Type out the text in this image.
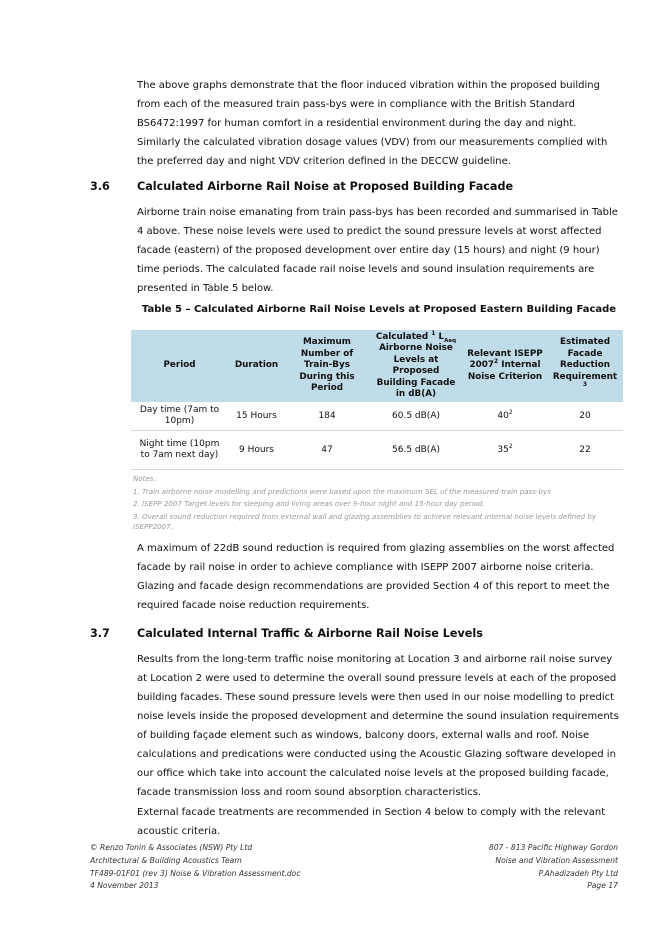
The above graphs demonstrate that the floor induced vibration within the proposed building from each of the measured train pass-bys were in compliance with the British Standard BS6472:1997 for human comfort in a residential environment during the day and night. Similarly the calculated vibration dosage values (VDV) from our measurements complied with the preferred day and night VDV criterion defined in the DECCW guideline.

3.6 Calculated Airborne Rail Noise at Proposed Building Facade

Airborne train noise emanating from train pass-bys has been recorded and summarised in Table 4 above. These noise levels were used to predict the sound pressure levels at worst affected facade (eastern) of the proposed development over entire day (15 hours) and night (9 hour) time periods. The calculated facade rail noise levels and sound insulation requirements are presented in Table 5 below.

Table 5 – Calculated Airborne Rail Noise Levels at Proposed Eastern Building Facade
Period	Duration	Maximum Number of Train-Bys During this Period	Calculated $^1$ $L_{Aeq}$ Airborne Noise Levels at Proposed Building Facade in dB(A)	Relevant ISEPP 2007$^2$ Internal Noise Criterion	Estimated Facade Reduction Requirement $^3$
Day time (7am to 10pm)	15 Hours	184	60.5 dB(A)	$40^2$	20
Night time (10pm to 7am next day)	9 Hours	47	56.5 dB(A)	$35^2$	22
Notes:
1. Train airborne noise modelling and predictions were based upon the maximum SEL of the measured train pass-bys
2. ISEPP 2007 Target levels for sleeping and living areas over 9-hour night and 15-hour day period.
3. Overall sound reduction required from external wall and glazing assemblies to achieve relevant internal noise levels defined by ISEPP2007.

A maximum of 22dB sound reduction is required from glazing assemblies on the worst affected facade by rail noise in order to achieve compliance with ISEPP 2007 airborne noise criteria. Glazing and facade design recommendations are provided Section 4 of this report to meet the required facade noise reduction requirements.

3.7 Calculated Internal Traffic & Airborne Rail Noise Levels

Results from the long-term traffic noise monitoring at Location 3 and airborne rail noise survey at Location 2 were used to determine the overall sound pressure levels at each of the proposed building facades. These sound pressure levels were then used in our noise modelling to predict noise levels inside the proposed development and determine the sound insulation requirements of building façade element such as windows, balcony doors, external walls and roof. Noise calculations and predications were conducted using the Acoustic Glazing software developed in our office which take into account the calculated noise levels at the proposed building facade, facade transmission loss and room sound absorption characteristics.

External facade treatments are recommended in Section 4 below to comply with the relevant acoustic criteria.

© Renzo Tonin & Associates (NSW) Pty Ltd
Architectural & Building Acoustics Team
TF489-01F01 (rev 3) Noise & Vibration Assessment.doc
4 November 2013
807 - 813 Pacific Highway Gordon
Noise and Vibration Assessment
P.Ahadizadeh Pty Ltd
Page 17
